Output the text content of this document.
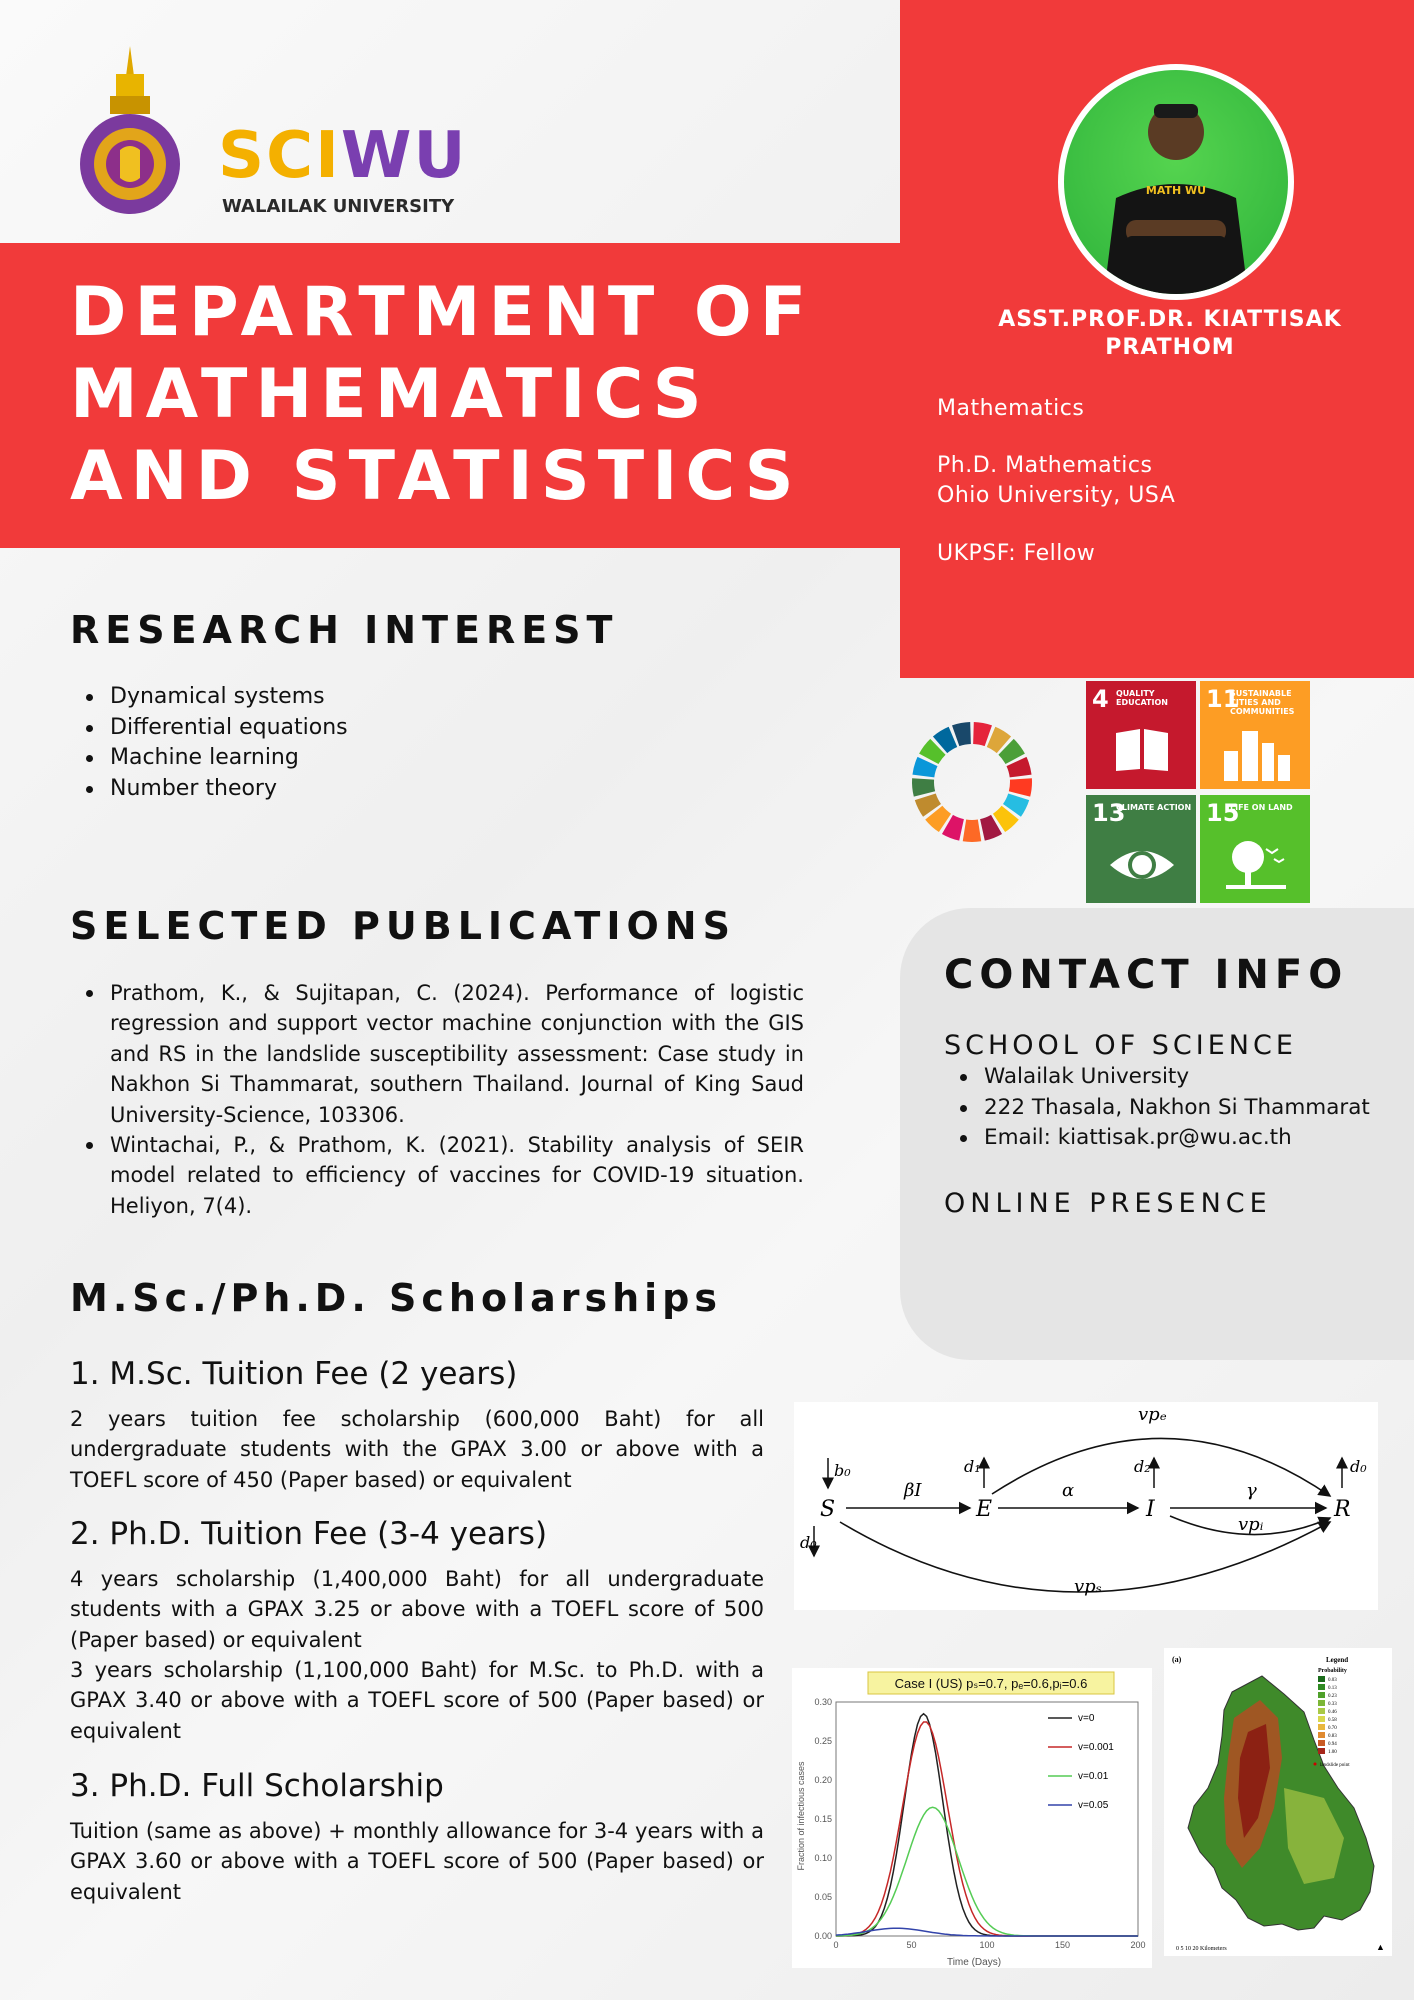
SCIWU
WALAILAK UNIVERSITY
DEPARTMENT OF
MATHEMATICS
AND STATISTICS
MATH WU
ASST.PROF.DR. KIATTISAK
PRATHOM
Mathematics
Ph.D. Mathematics
Ohio University, USA
UKPSF: Fellow
RESEARCH INTEREST
Dynamical systems
Differential equations
Machine learning
Number theory
4 QUALITY EDUCATION	11
SUSTAINABLE CITIES AND COMMUNITIES
13
CLIMATE ACTION 15
LIFE ON LAND
SELECTED PUBLICATIONS
Prathom, K., & Sujitapan, C. (2024). Performance of logistic regression and support vector machine conjunction with the GIS and RS in the landslide susceptibility assessment: Case study in Nakhon Si Thammarat, southern Thailand. Journal of King Saud University-Science, 103306.
Wintachai, P., & Prathom, K. (2021). Stability analysis of SEIR model related to efficiency of vaccines for COVID-19 situation. Heliyon, 7(4).
CONTACT INFO
SCHOOL OF SCIENCE
Walailak University
222 Thasala, Nakhon Si Thammarat
Email: kiattisak.pr@wu.ac.th
ONLINE PRESENCE
M.Sc./Ph.D. Scholarships
1. M.Sc. Tuition Fee (2 years)
2 years tuition fee scholarship (600,000 Baht) for all undergraduate students with the GPAX 3.00 or above with a TOEFL score of 450 (Paper based) or equivalent
2. Ph.D. Tuition Fee (3-4 years)
4 years scholarship (1,400,000 Baht) for all undergraduate students with a GPAX 3.25 or above with a TOEFL score of 500 (Paper based) or equivalent
3 years scholarship (1,100,000 Baht) for M.Sc. to Ph.D. with a GPAX 3.40 or above with a TOEFL score of 500 (Paper based) or equivalent
3. Ph.D. Full Scholarship
Tuition (same as above) + monthly allowance for 3-4 years with a GPAX 3.60 or above with a TOEFL score of 500 (Paper based) or equivalent
S	E	I	R
b₀
d₀
d₁	d₂	d₀
βI	α	γ
vpₑ
vpᵢ
vpₛ
Case I (US) pₛ=0.7, pₑ=0.6,pᵢ=0.6
Time (Days)
Fraction of infectious cases
0.00
0.05
0.10
0.15
0.20
0.25
0.30
0	50	100	150	200
v=0
v=0.001
v=0.01
v=0.05
(a)	Legend
Probability
0.03
0.13
0.23
0.33
0.46
0.58
0.70
0.83
0.94
1.00
landslide point
0 5 10 20 Kilometers	▲
